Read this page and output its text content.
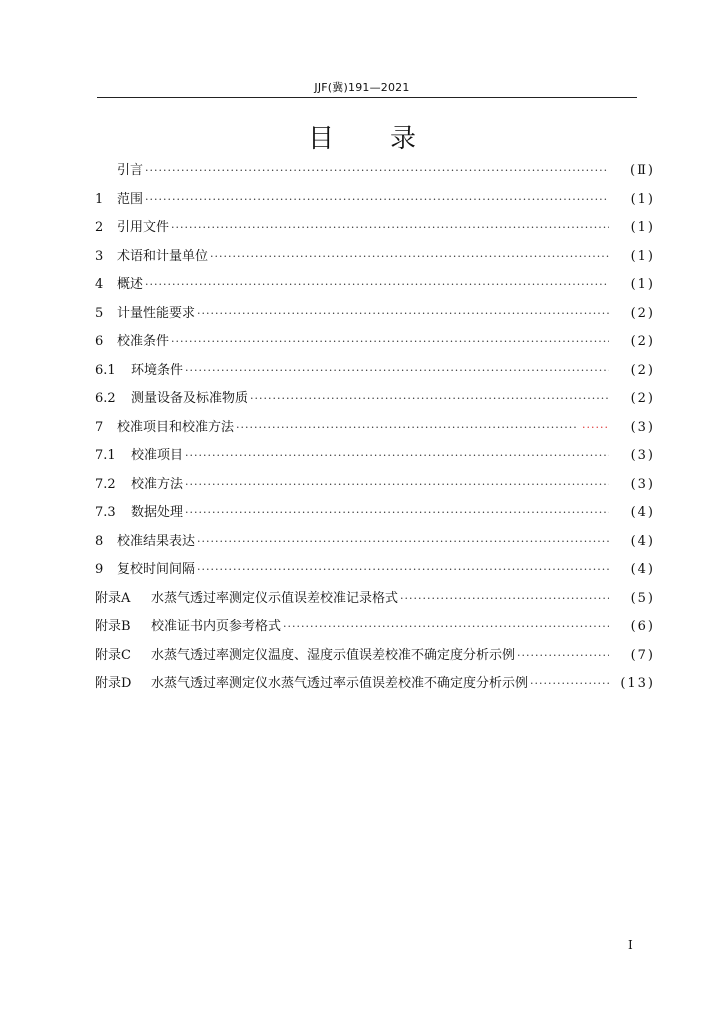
JJF(冀)191—2021
目录
引言 ·····	(Ⅱ)
1	范围 ·····	(1)
2	引用文件 ·····	(1)
3	术语和计量单位 ·····	(1)
4	概述 ·····	(1)
5	计量性能要求 ·····	(2)
6	校准条件 ·····	(2)
6.1	环境条件 ·····	(2)
6.2	测量设备及标准物质 ·····	(2)
7	校准项目和校准方法 ·····	······	(3)
7.1	校准项目 ·····	(3)
7.2	校准方法 ·····	(3)
7.3	数据处理 ·····	(4)
8	校准结果表达 ·····	(4)
9	复校时间间隔 ·····	(4)
附录A	水蒸气透过率测定仪示值误差校准记录格式 ·····	(5)
附录B	校准证书内页参考格式 ·····	(6)
附录C	水蒸气透过率测定仪温度、湿度示值误差校准不确定度分析示例 ·····	(7)
附录D	水蒸气透过率测定仪水蒸气透过率示值误差校准不确定度分析示例 ·····	(13)
I
